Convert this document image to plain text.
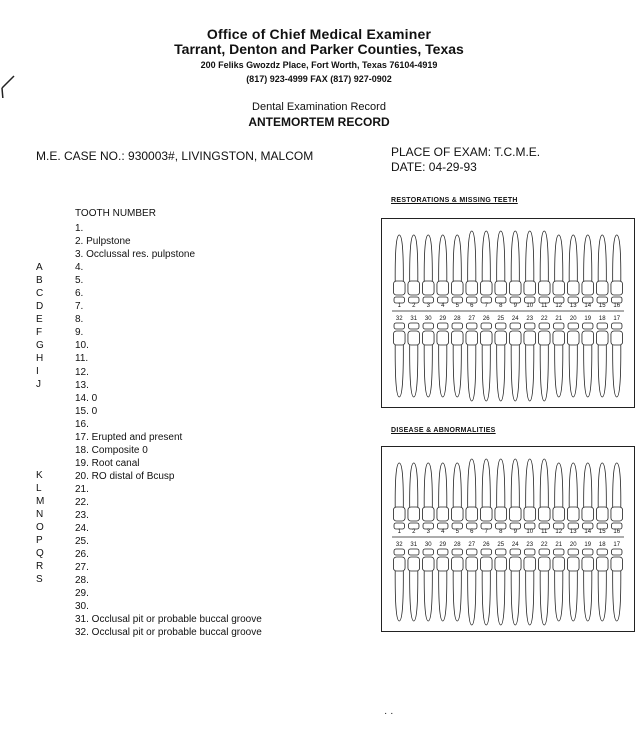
Office of Chief Medical Examiner
Tarrant, Denton and Parker Counties, Texas
200 Feliks Gwozdz Place, Fort Worth, Texas 76104-4919
(817) 923-4999 FAX (817) 927-0902
Dental Examination Record
ANTEMORTEM RECORD
M.E. CASE NO.: 930003#, LIVINGSTON, MALCOM	PLACE OF EXAM: T.C.M.E.
DATE: 04-29-93
TOOTH NUMBER
1.
2. Pulpstone
3. Occlussal res. pulpstone
4.
5.
6.
7.
8.
9.
10.
11.
12.
13.
14. 0
15. 0
16.
17. Erupted and present
18. Composite 0
19. Root canal
20. RO distal of Bcusp
21.
22.
23.
24.
25.
26.
27.
28.
29.
30.
31. Occlusal pit or probable buccal groove
32. Occlusal pit or probable buccal groove
A
B
C
D
E
F
G
H
I
J
K
L
M
N
O
P
Q
R
S
RESTORATIONS & MISSING TEETH
1 2 3 4 5 6 7 8 9 10 11 12 13 14 15 16
32 31 30 29 28 27 26 25 24 23 22 21 20 19 18 17
DISEASE & ABNORMALITIES
1 2 3 4 5 6 7 8 9 10 11 12 13 14 15 16
32 31 30 29 28 27 26 25 24 23 22 21 20 19 18 17
· ·
